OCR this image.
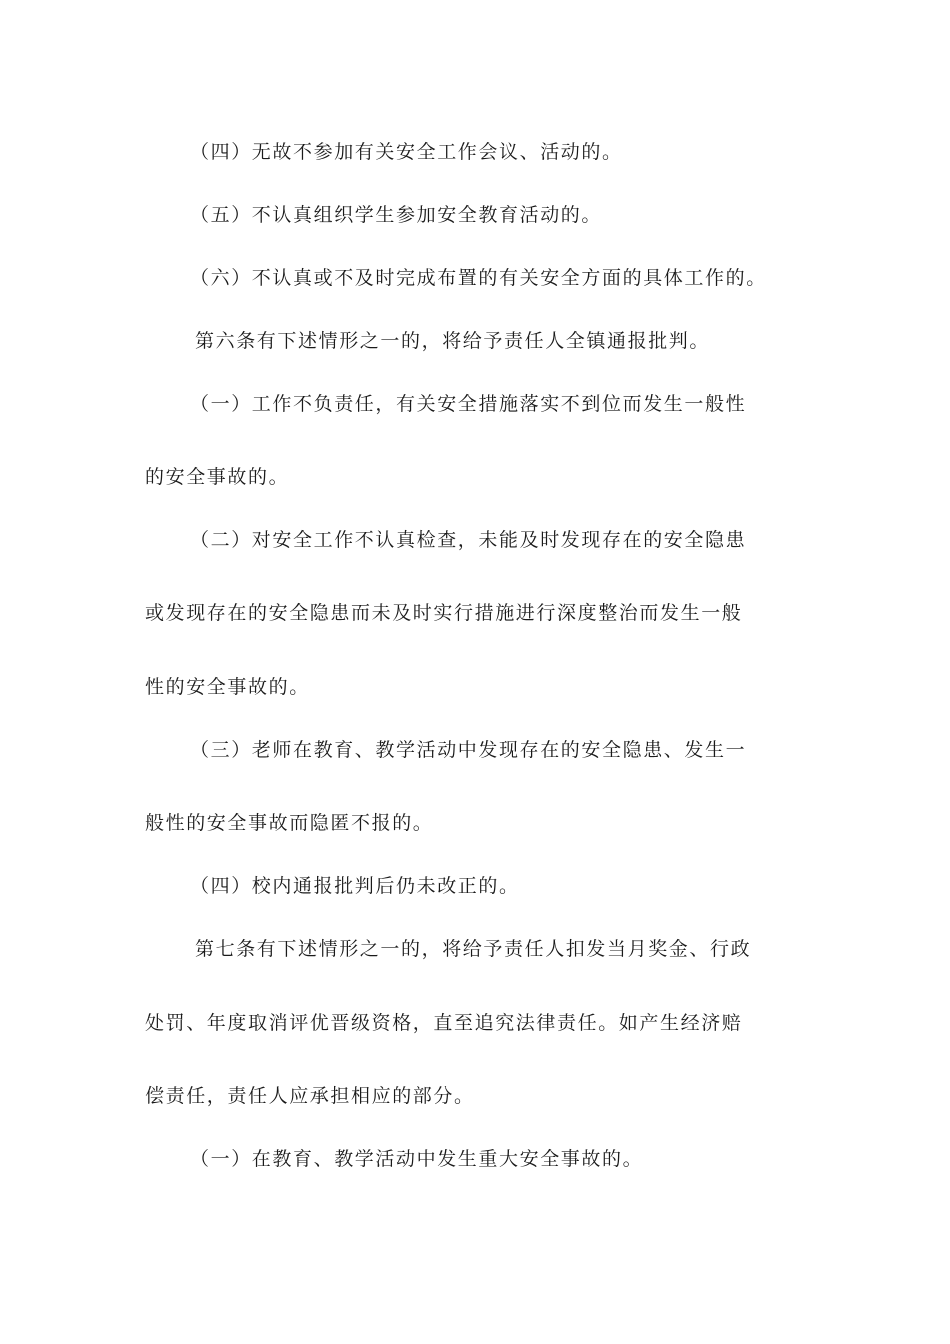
（四）无故不参加有关安全工作会议、活动的。
（五）不认真组织学生参加安全教育活动的。
（六）不认真或不及时完成布置的有关安全方面的具体工作的。
第六条有下述情形之一的，将给予责任人全镇通报批判。
（一）工作不负责任，有关安全措施落实不到位而发生一般性
的安全事故的。
（二）对安全工作不认真检查，未能及时发现存在的安全隐患
或发现存在的安全隐患而未及时实行措施进行深度整治而发生一般
性的安全事故的。
（三）老师在教育、教学活动中发现存在的安全隐患、发生一
般性的安全事故而隐匿不报的。
（四）校内通报批判后仍未改正的。
第七条有下述情形之一的，将给予责任人扣发当月奖金、行政
处罚、年度取消评优晋级资格，直至追究法律责任。如产生经济赔
偿责任，责任人应承担相应的部分。
（一）在教育、教学活动中发生重大安全事故的。
